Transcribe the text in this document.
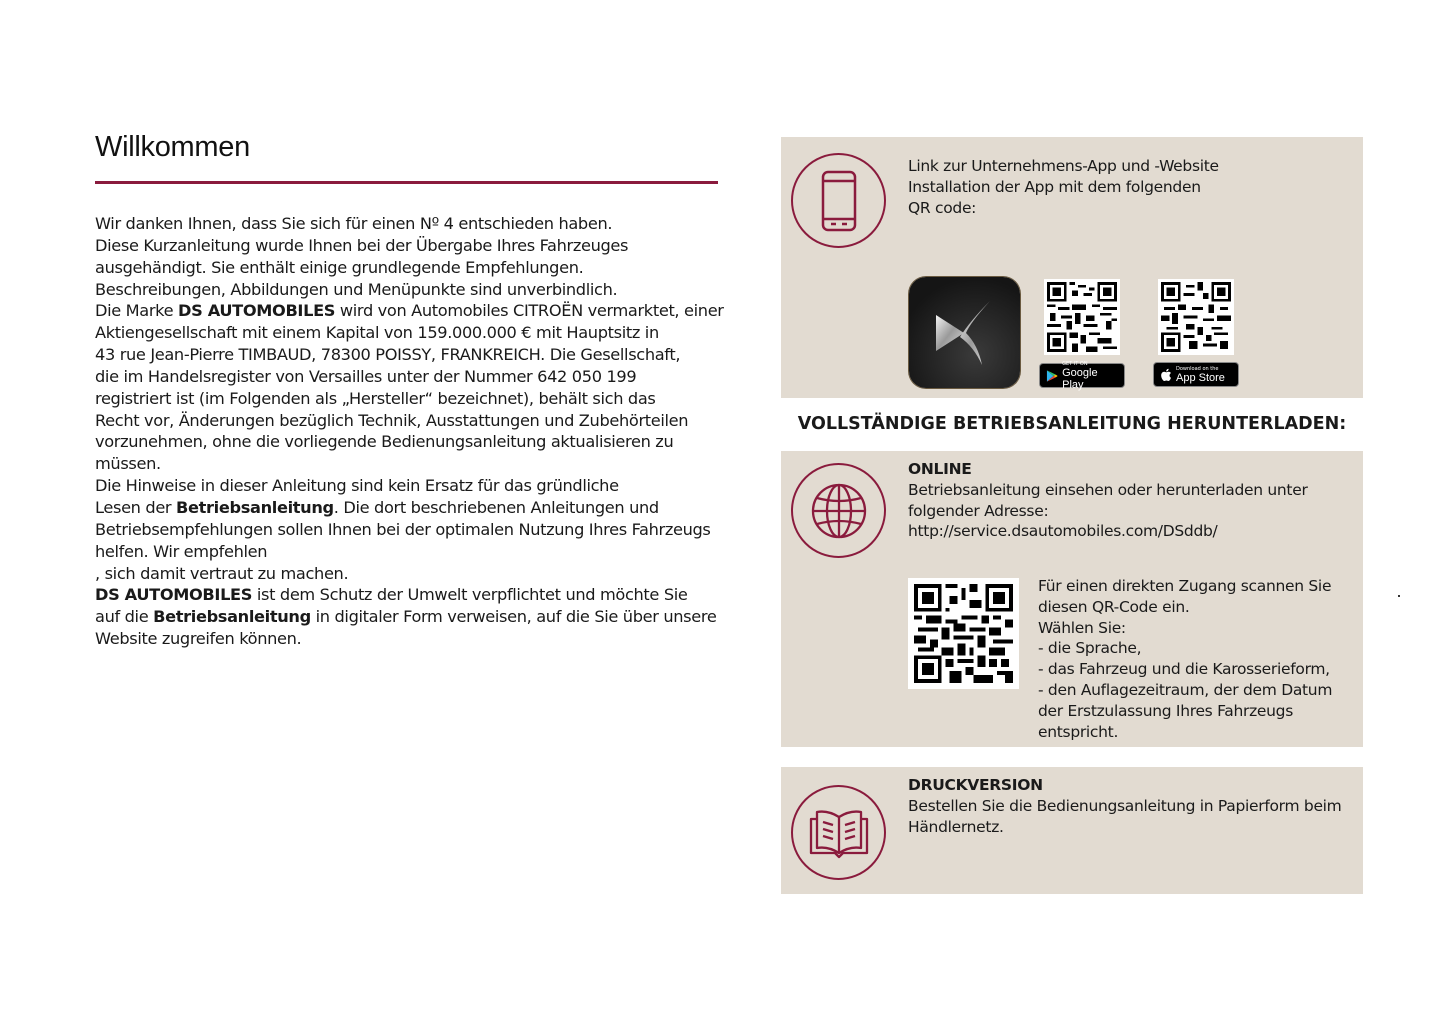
Willkommen

Wir danken Ihnen, dass Sie sich für einen Nº 4 entschieden haben.

Diese Kurzanleitung wurde Ihnen bei der Übergabe Ihres Fahrzeuges

ausgehändigt. Sie enthält einige grundlegende Empfehlungen.

Beschreibungen, Abbildungen und Menüpunkte sind unverbindlich.

Die Marke DS AUTOMOBILES wird von Automobiles CITROËN vermarktet, einer

Aktiengesellschaft mit einem Kapital von 159.000.000 € mit Hauptsitz in

43 rue Jean-Pierre TIMBAUD, 78300 POISSY, FRANKREICH. Die Gesellschaft,

die im Handelsregister von Versailles unter der Nummer 642 050 199

registriert ist (im Folgenden als „Hersteller“ bezeichnet), behält sich das

Recht vor, Änderungen bezüglich Technik, Ausstattungen und Zubehörteilen

vorzunehmen, ohne die vorliegende Bedienungsanleitung aktualisieren zu

müssen.

Die Hinweise in dieser Anleitung sind kein Ersatz für das gründliche

Lesen der Betriebsanleitung. Die dort beschriebenen Anleitungen und

Betriebsempfehlungen sollen Ihnen bei der optimalen Nutzung Ihres Fahrzeugs

helfen. Wir empfehlen

, sich damit vertraut zu machen.

DS AUTOMOBILES ist dem Schutz der Umwelt verpflichtet und möchte Sie

auf die Betriebsanleitung in digitaler Form verweisen, auf die Sie über unsere

Website zugreifen können.

Link zur Unternehmens-App und -Website

Installation der App mit dem folgenden

QR code:

GET IT ON
Google Play
Download on the
App Store
VOLLSTÄNDIGE BETRIEBSANLEITUNG HERUNTERLADEN:

ONLINE

Betriebsanleitung einsehen oder herunterladen unter

folgender Adresse:

http://service.dsautomobiles.com/DSddb/

Für einen direkten Zugang scannen Sie

diesen QR-Code ein.

Wählen Sie:

- die Sprache,

- das Fahrzeug und die Karosserieform,

- den Auflagezeitraum, der dem Datum

der Erstzulassung Ihres Fahrzeugs

entspricht.

DRUCKVERSION

Bestellen Sie die Bedienungsanleitung in Papierform beim

Händlernetz.
